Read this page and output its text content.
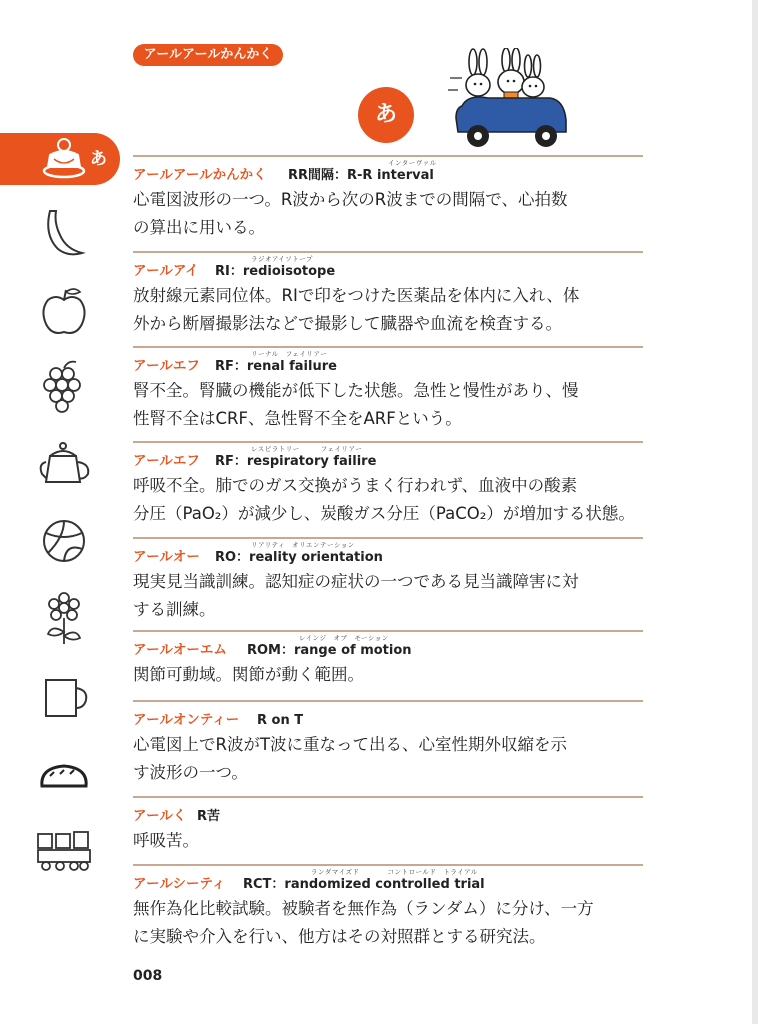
アールアールかんかく
あ
あ
アールアールかんかく RR間隔：R-R interval
インターヴァル
心電図波形の一つ。R波から次のR波までの間隔で、心拍数
の算出に用いる。
アールアイ RI：redioisotope
ラジオアイソトープ
放射線元素同位体。RIで印をつけた医薬品を体内に入れ、体
外から断層撮影法などで撮影して臓器や血流を検査する。
アールエフ RF：renal failure
リーナル　フェイリアー
腎不全。腎臓の機能が低下した状態。急性と慢性があり、慢
性腎不全はCRF、急性腎不全をARFという。
アールエフ RF：respiratory failire
レスピラトリー　　　フェイリアー
呼吸不全。肺でのガス交換がうまく行われず、血液中の酸素
分圧（PaO₂）が減少し、炭酸ガス分圧（PaCO₂）が増加する状態。
アールオー RO：reality orientation
リアリティ　オリエンテーション
現実見当識訓練。認知症の症状の一つである見当識障害に対
する訓練。
アールオーエム ROM：range of motion
レインジ　オブ　モーション
関節可動域。関節が動く範囲。
アールオンティー R on T
心電図上でR波がT波に重なって出る、心室性期外収縮を示
す波形の一つ。
アールく R苦
呼吸苦。
アールシーティ RCT：randomized controlled trial
ランダマイズド　　　　コントロールド　トライアル
無作為化比較試験。被験者を無作為（ランダム）に分け、一方
に実験や介入を行い、他方はその対照群とする研究法。
008
